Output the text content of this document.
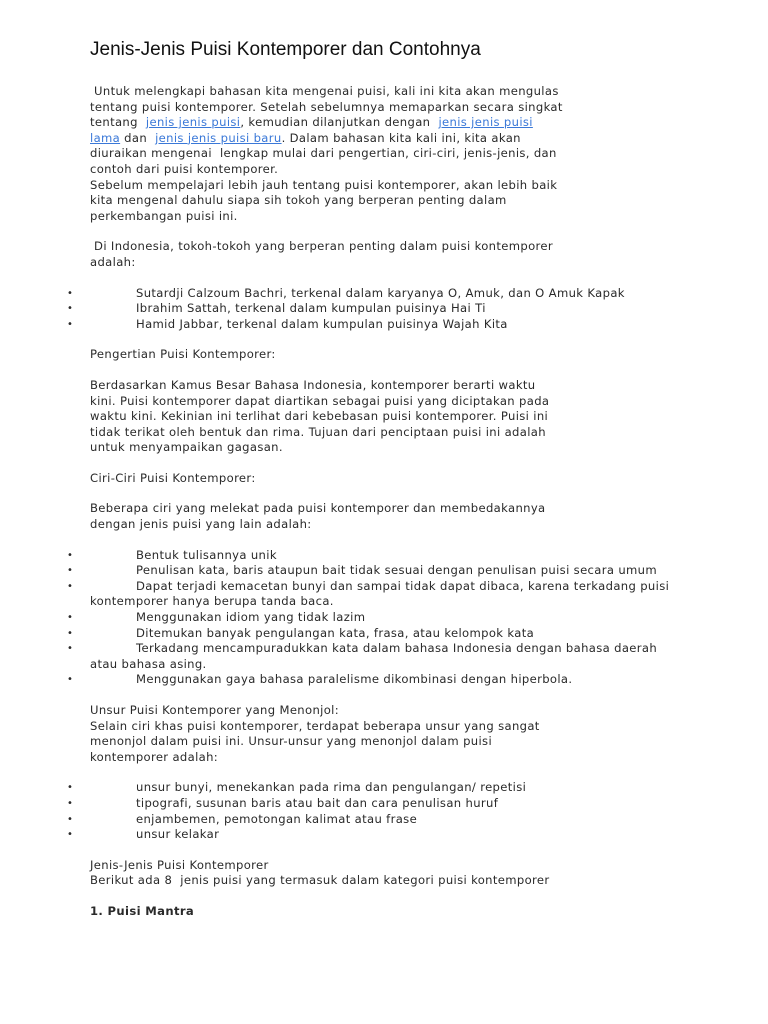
Jenis-Jenis Puisi Kontemporer dan Contohnya

Untuk melengkapi bahasan kita mengenai puisi, kali ini kita akan mengulas

tentang puisi kontemporer. Setelah sebelumnya memaparkan secara singkat

tentang  jenis jenis puisi, kemudian dilanjutkan dengan  jenis jenis puisi

lama dan  jenis jenis puisi baru. Dalam bahasan kita kali ini, kita akan

diuraikan mengenai  lengkap mulai dari pengertian, ciri-ciri, jenis-jenis, dan

contoh dari puisi kontemporer.

Sebelum mempelajari lebih jauh tentang puisi kontemporer, akan lebih baik

kita mengenal dahulu siapa sih tokoh yang berperan penting dalam

perkembangan puisi ini.

Di Indonesia, tokoh-tokoh yang berperan penting dalam puisi kontemporer

adalah:

•	Sutardji Calzoum Bachri, terkenal dalam karyanya O, Amuk, dan O Amuk Kapak
•	Ibrahim Sattah, terkenal dalam kumpulan puisinya Hai Ti
•	Hamid Jabbar, terkenal dalam kumpulan puisinya Wajah Kita

Pengertian Puisi Kontemporer:

Berdasarkan Kamus Besar Bahasa Indonesia, kontemporer berarti waktu

kini. Puisi kontemporer dapat diartikan sebagai puisi yang diciptakan pada

waktu kini. Kekinian ini terlihat dari kebebasan puisi kontemporer. Puisi ini

tidak terikat oleh bentuk dan rima. Tujuan dari penciptaan puisi ini adalah

untuk menyampaikan gagasan.

Ciri-Ciri Puisi Kontemporer:

Beberapa ciri yang melekat pada puisi kontemporer dan membedakannya

dengan jenis puisi yang lain adalah:

•	Bentuk tulisannya unik
•	Penulisan kata, baris ataupun bait tidak sesuai dengan penulisan puisi secara umum
•	Dapat terjadi kemacetan bunyi dan sampai tidak dapat dibaca, karena terkadang puisi kontemporer hanya berupa tanda baca.
•	Menggunakan idiom yang tidak lazim
•	Ditemukan banyak pengulangan kata, frasa, atau kelompok kata
•	Terkadang mencampuradukkan kata dalam bahasa Indonesia dengan bahasa daerah atau bahasa asing.
•	Menggunakan gaya bahasa paralelisme dikombinasi dengan hiperbola.

Unsur Puisi Kontemporer yang Menonjol:

Selain ciri khas puisi kontemporer, terdapat beberapa unsur yang sangat

menonjol dalam puisi ini. Unsur-unsur yang menonjol dalam puisi

kontemporer adalah:

•	unsur bunyi, menekankan pada rima dan pengulangan/ repetisi
•	tipografi, susunan baris atau bait dan cara penulisan huruf
•	enjambemen, pemotongan kalimat atau frase
•	unsur kelakar

Jenis-Jenis Puisi Kontemporer

Berikut ada 8  jenis puisi yang termasuk dalam kategori puisi kontemporer

1. Puisi Mantra
